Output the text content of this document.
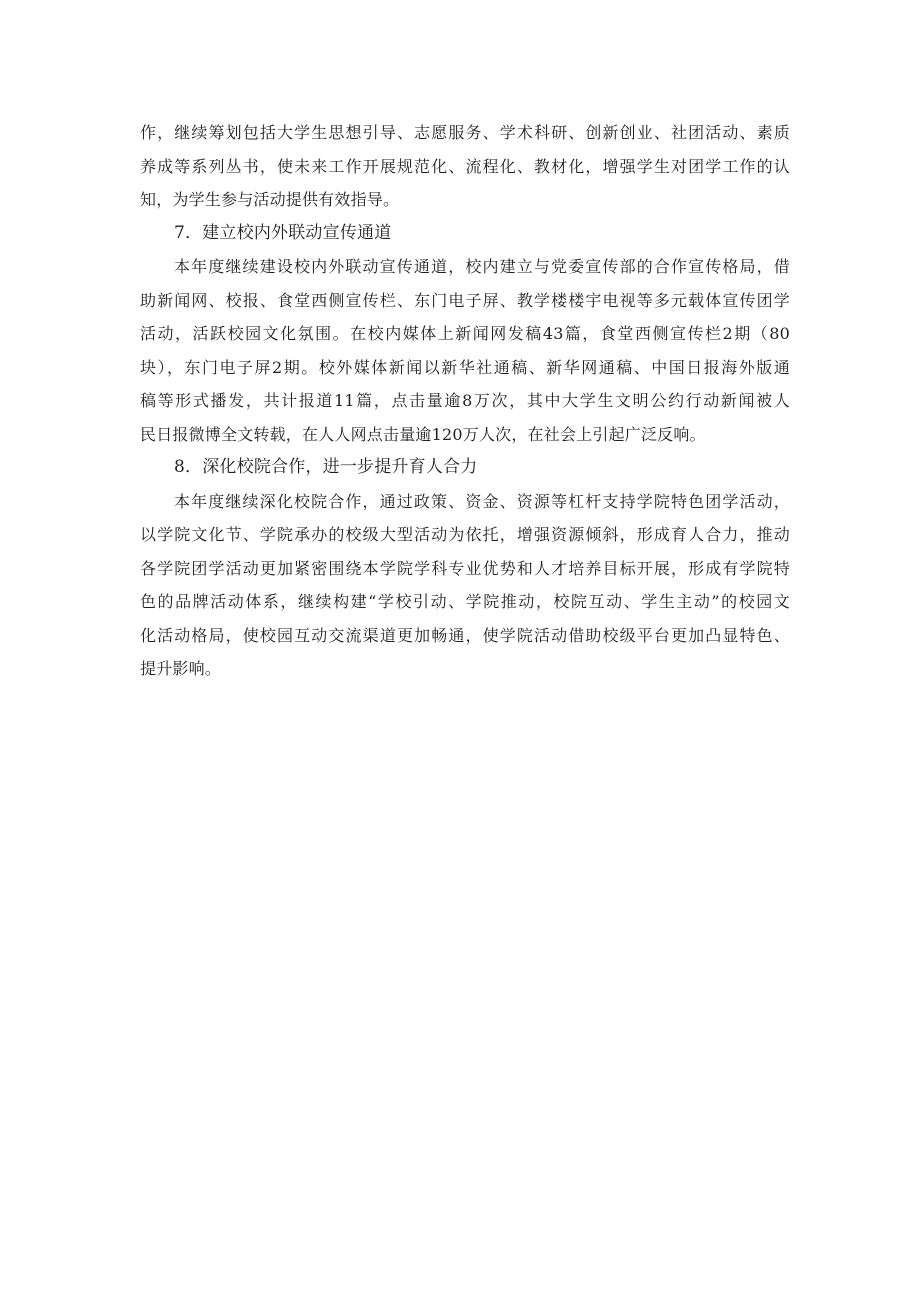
作，继续筹划包括大学生思想引导、志愿服务、学术科研、创新创业、社团活动、素质
养成等系列丛书，使未来工作开展规范化、流程化、教材化，增强学生对团学工作的认
知，为学生参与活动提供有效指导。
7．建立校内外联动宣传通道
本年度继续建设校内外联动宣传通道，校内建立与党委宣传部的合作宣传格局，借
助新闻网、校报、食堂西侧宣传栏、东门电子屏、教学楼楼宇电视等多元载体宣传团学
活动，活跃校园文化氛围。在校内媒体上新闻网发稿43篇，食堂西侧宣传栏2期（80
块），东门电子屏2期。校外媒体新闻以新华社通稿、新华网通稿、中国日报海外版通
稿等形式播发，共计报道11篇，点击量逾8万次，其中大学生文明公约行动新闻被人
民日报微博全文转载，在人人网点击量逾120万人次，在社会上引起广泛反响。
8．深化校院合作，进一步提升育人合力
本年度继续深化校院合作，通过政策、资金、资源等杠杆支持学院特色团学活动，
以学院文化节、学院承办的校级大型活动为依托，增强资源倾斜，形成育人合力，推动
各学院团学活动更加紧密围绕本学院学科专业优势和人才培养目标开展，形成有学院特
色的品牌活动体系，继续构建“学校引动、学院推动，校院互动、学生主动”的校园文
化活动格局，使校园互动交流渠道更加畅通，使学院活动借助校级平台更加凸显特色、
提升影响。
